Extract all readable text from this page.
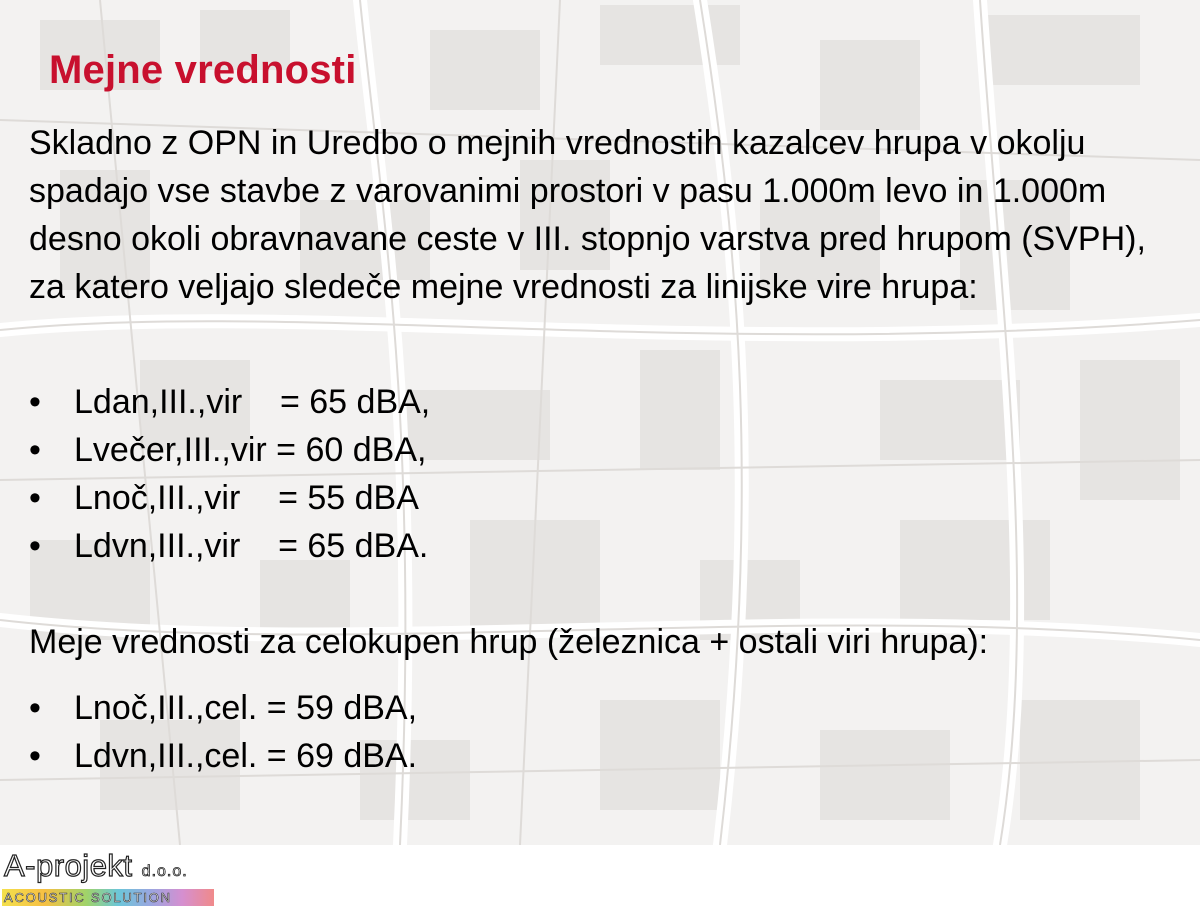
Mejne vrednosti

Skladno z OPN in Uredbo o mejnih vrednostih kazalcev hrupa v okolju spadajo vse stavbe z varovanimi prostori v pasu 1.000m levo in 1.000m desno okoli obravnavane ceste v III. stopnjo varstva pred hrupom (SVPH), za katero veljajo sledeče mejne vrednosti za linijske vire hrupa:

• Ldan,III.,vir    = 65 dBA,
• Lvečer,III.,vir = 60 dBA,
• Lnoč,III.,vir    = 55 dBA
• Ldvn,III.,vir    = 65 dBA.

Meje vrednosti za celokupen hrup (železnica + ostali viri hrupa):

• Lnoč,III.,cel. = 59 dBA,
• Ldvn,III.,cel. = 69 dBA.
A-projekt d.o.o.
ACOUSTIC SOLUTION
